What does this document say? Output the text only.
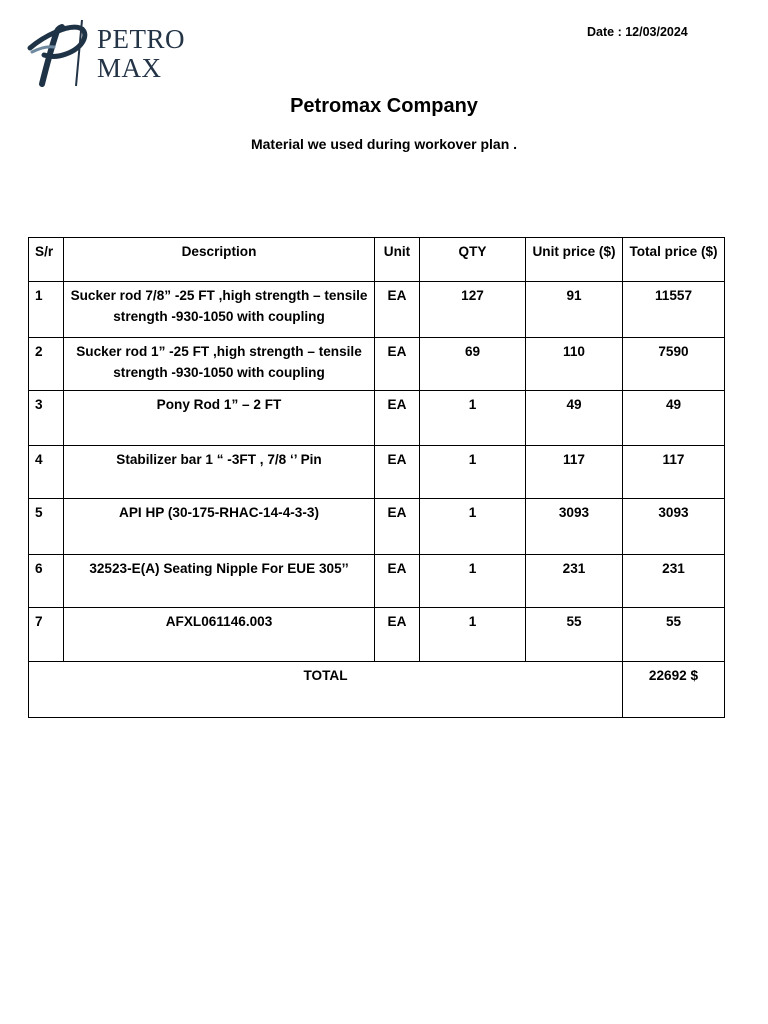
PETRO
MAX
Date : 12/03/2024
Petromax Company
Material we used during workover plan .
S/r	Description	Unit	QTY	Unit price ($)	Total price ($)
1	Sucker rod 7/8” -25 FT ,high strength – tensile strength -930-1050 with coupling	EA	127	91	11557
2	Sucker rod 1” -25 FT ,high strength – tensile strength -930-1050 with coupling	EA	69	110	7590
3	Pony Rod 1” – 2 FT	EA	1	49	49
4	Stabilizer bar 1 “ -3FT , 7/8 ‘’ Pin	EA	1	117	117
5	API HP (30-175-RHAC-14-4-3-3)	EA	1	3093	3093
6	32523-E(A) Seating Nipple For EUE 305’’	EA	1	231	231
7	AFXL061146.003	EA	1	55	55
TOTAL					22692 $
